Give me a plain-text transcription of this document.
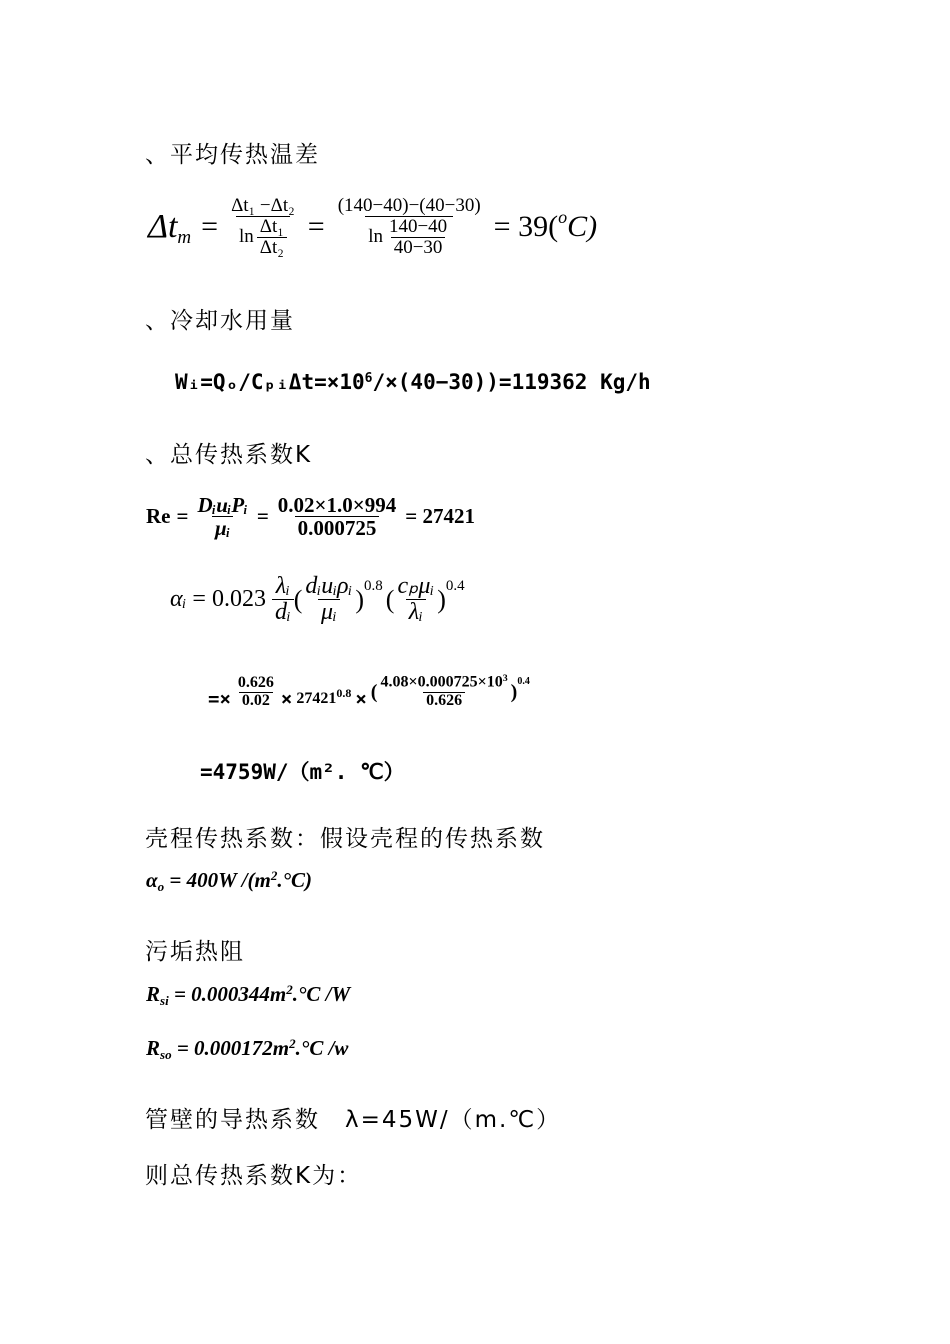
、平均传热温差
Δt $m = \frac{\text{Δt₁ −Δt₂}}{\ln \frac{\text{Δt₁}}{\text{Δt₂}}} = \frac{(140-40)-(40-30)}{\ln \frac{140-40}{40-30}} = 39$( o C)
、冷却水用量
$Wᵢ=Q_o/C_pᵢ\Delta t=\times 10^6/\times(40-30))=119362$ Kg/h
、总传热系数K
$Re = \frac{\text{DᵢuᵢΡᵢ}}{\text{μᵢ}} = \frac{0.02\times 1.0\times 994}{0.000725} = 27421$
αᵢ = $0.023 \frac{\text{λᵢ}}{\text{dᵢ}}$ ( $\frac{\text{dᵢuᵢρᵢ}}{\text{μᵢ}}$ ) 0.8 ( $\frac{\text{cₚμᵢ}}{\text{λᵢ}}$ ) 0.4
=× $\frac{0.626}{0.02} \times 27421$ 0.8 × ( $\frac{4.08\times 0.000725\times 10^3}{0.626}$ ) 0.4
=4759W/（m². ℃）
壳程传热系数：假设壳程的传热系数
$\alpha_o = 400W$ $/(m^2.^\circ C)$
污垢热阻
$R_{si} = 0.000344m^2.^\circ C$ /W
$R_{so} = 0.000172m^2.^\circ C$ /w
管壁的导热系数　λ=45W/（m.℃）
则总传热系数K为：
